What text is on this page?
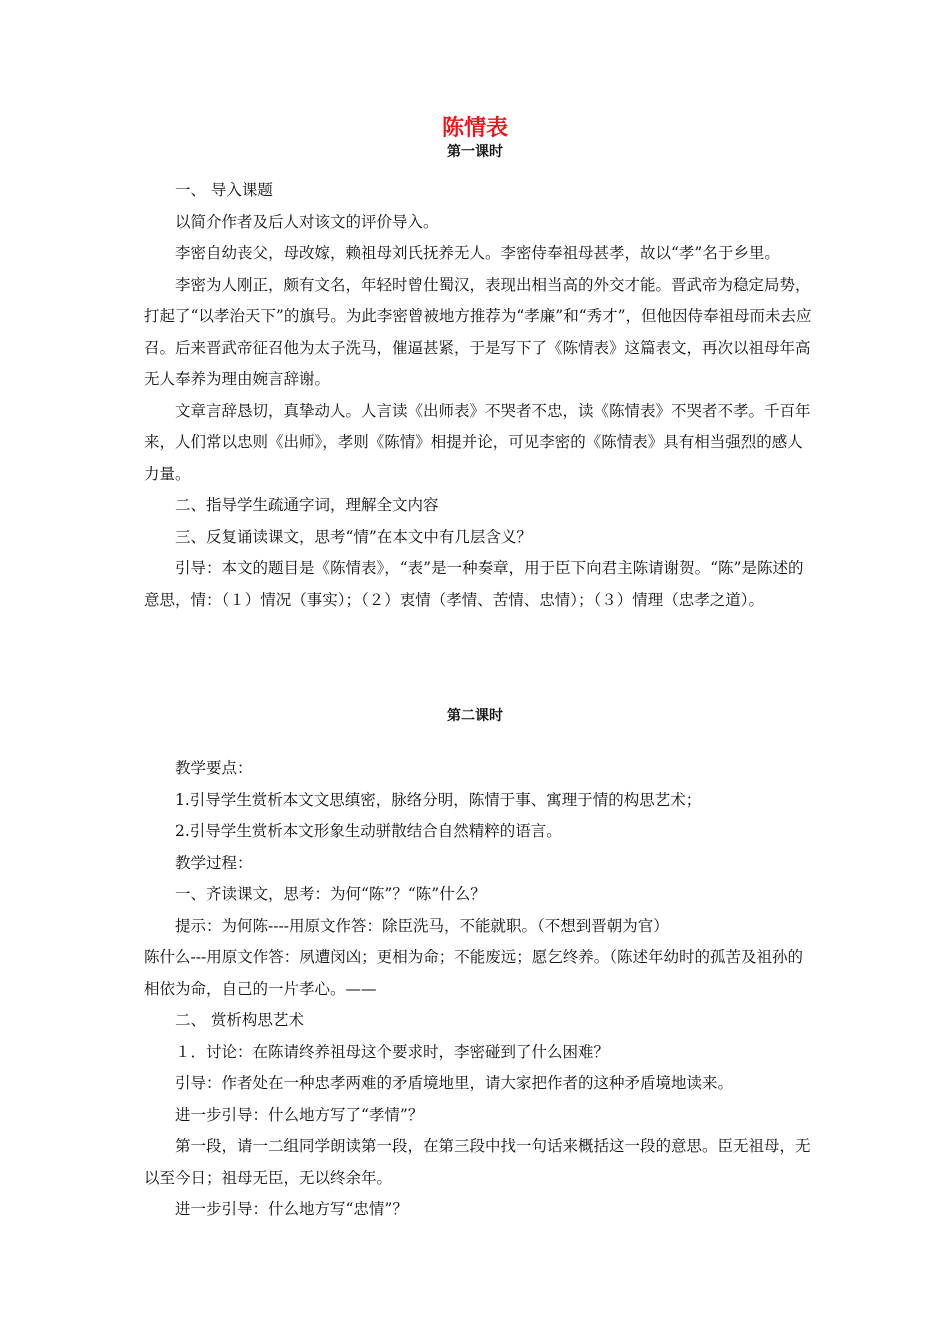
陈情表
第一课时

一、 导入课题

以简介作者及后人对该文的评价导入。

李密自幼丧父，母改嫁，赖祖母刘氏抚养无人。李密侍奉祖母甚孝，故以“孝”名于乡里。

李密为人刚正，颇有文名，年轻时曾仕蜀汉，表现出相当高的外交才能。晋武帝为稳定局势，打起了“以孝治天下”的旗号。为此李密曾被地方推荐为“孝廉”和“秀才”，但他因侍奉祖母而未去应召。后来晋武帝征召他为太子洗马，催逼甚紧，于是写下了《陈情表》这篇表文，再次以祖母年高无人奉养为理由婉言辞谢。

文章言辞恳切，真挚动人。人言读《出师表》不哭者不忠，读《陈情表》不哭者不孝。千百年来，人们常以忠则《出师》，孝则《陈情》相提并论，可见李密的《陈情表》具有相当强烈的感人力量。

二、指导学生疏通字词，理解全文内容

三、反复诵读课文，思考“情”在本文中有几层含义？

引导：本文的题目是《陈情表》，“表”是一种奏章，用于臣下向君主陈请谢贺。“陈”是陈述的意思，情：（１）情况（事实）；（２）衷情（孝情、苦情、忠情）；（３）情理（忠孝之道）。

第二课时

教学要点：

1.引导学生赏析本文文思缜密，脉络分明，陈情于事、寓理于情的构思艺术；

2.引导学生赏析本文形象生动骈散结合自然精粹的语言。

教学过程：

一、齐读课文，思考：为何“陈”？“陈”什么？

提示：为何陈----用原文作答：除臣洗马，不能就职。（不想到晋朝为官）

陈什么---用原文作答：夙遭闵凶；更相为命；不能废远；愿乞终养。（陈述年幼时的孤苦及祖孙的相依为命，自己的一片孝心。——

二、 赏析构思艺术

１．讨论：在陈请终养祖母这个要求时，李密碰到了什么困难？

引导：作者处在一种忠孝两难的矛盾境地里，请大家把作者的这种矛盾境地读来。

进一步引导：什么地方写了“孝情”？

第一段，请一二组同学朗读第一段，在第三段中找一句话来概括这一段的意思。臣无祖母，无以至今日；祖母无臣，无以终余年。

进一步引导：什么地方写“忠情”？
